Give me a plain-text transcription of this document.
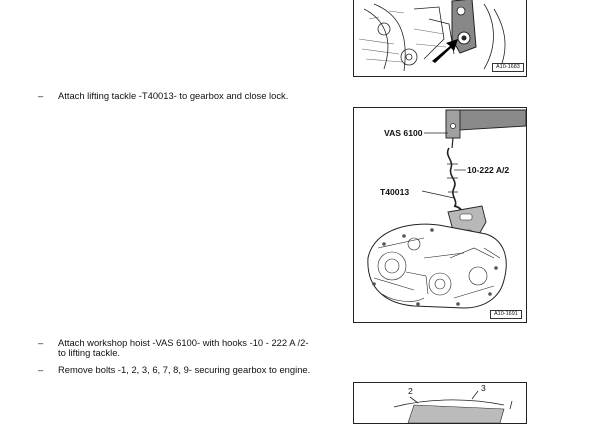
– Attach lifting tackle -T40013- to gearbox and close lock.
– Attach workshop hoist -VAS 6100- with hooks -10 - 222 A /2-
to lifting tackle.
– Remove bolts -1, 2, 3, 6, 7, 8, 9- securing gearbox to engine.
A10-1683
VAS 6100
10-222 A/2
T40013
A10-1691
2	3
